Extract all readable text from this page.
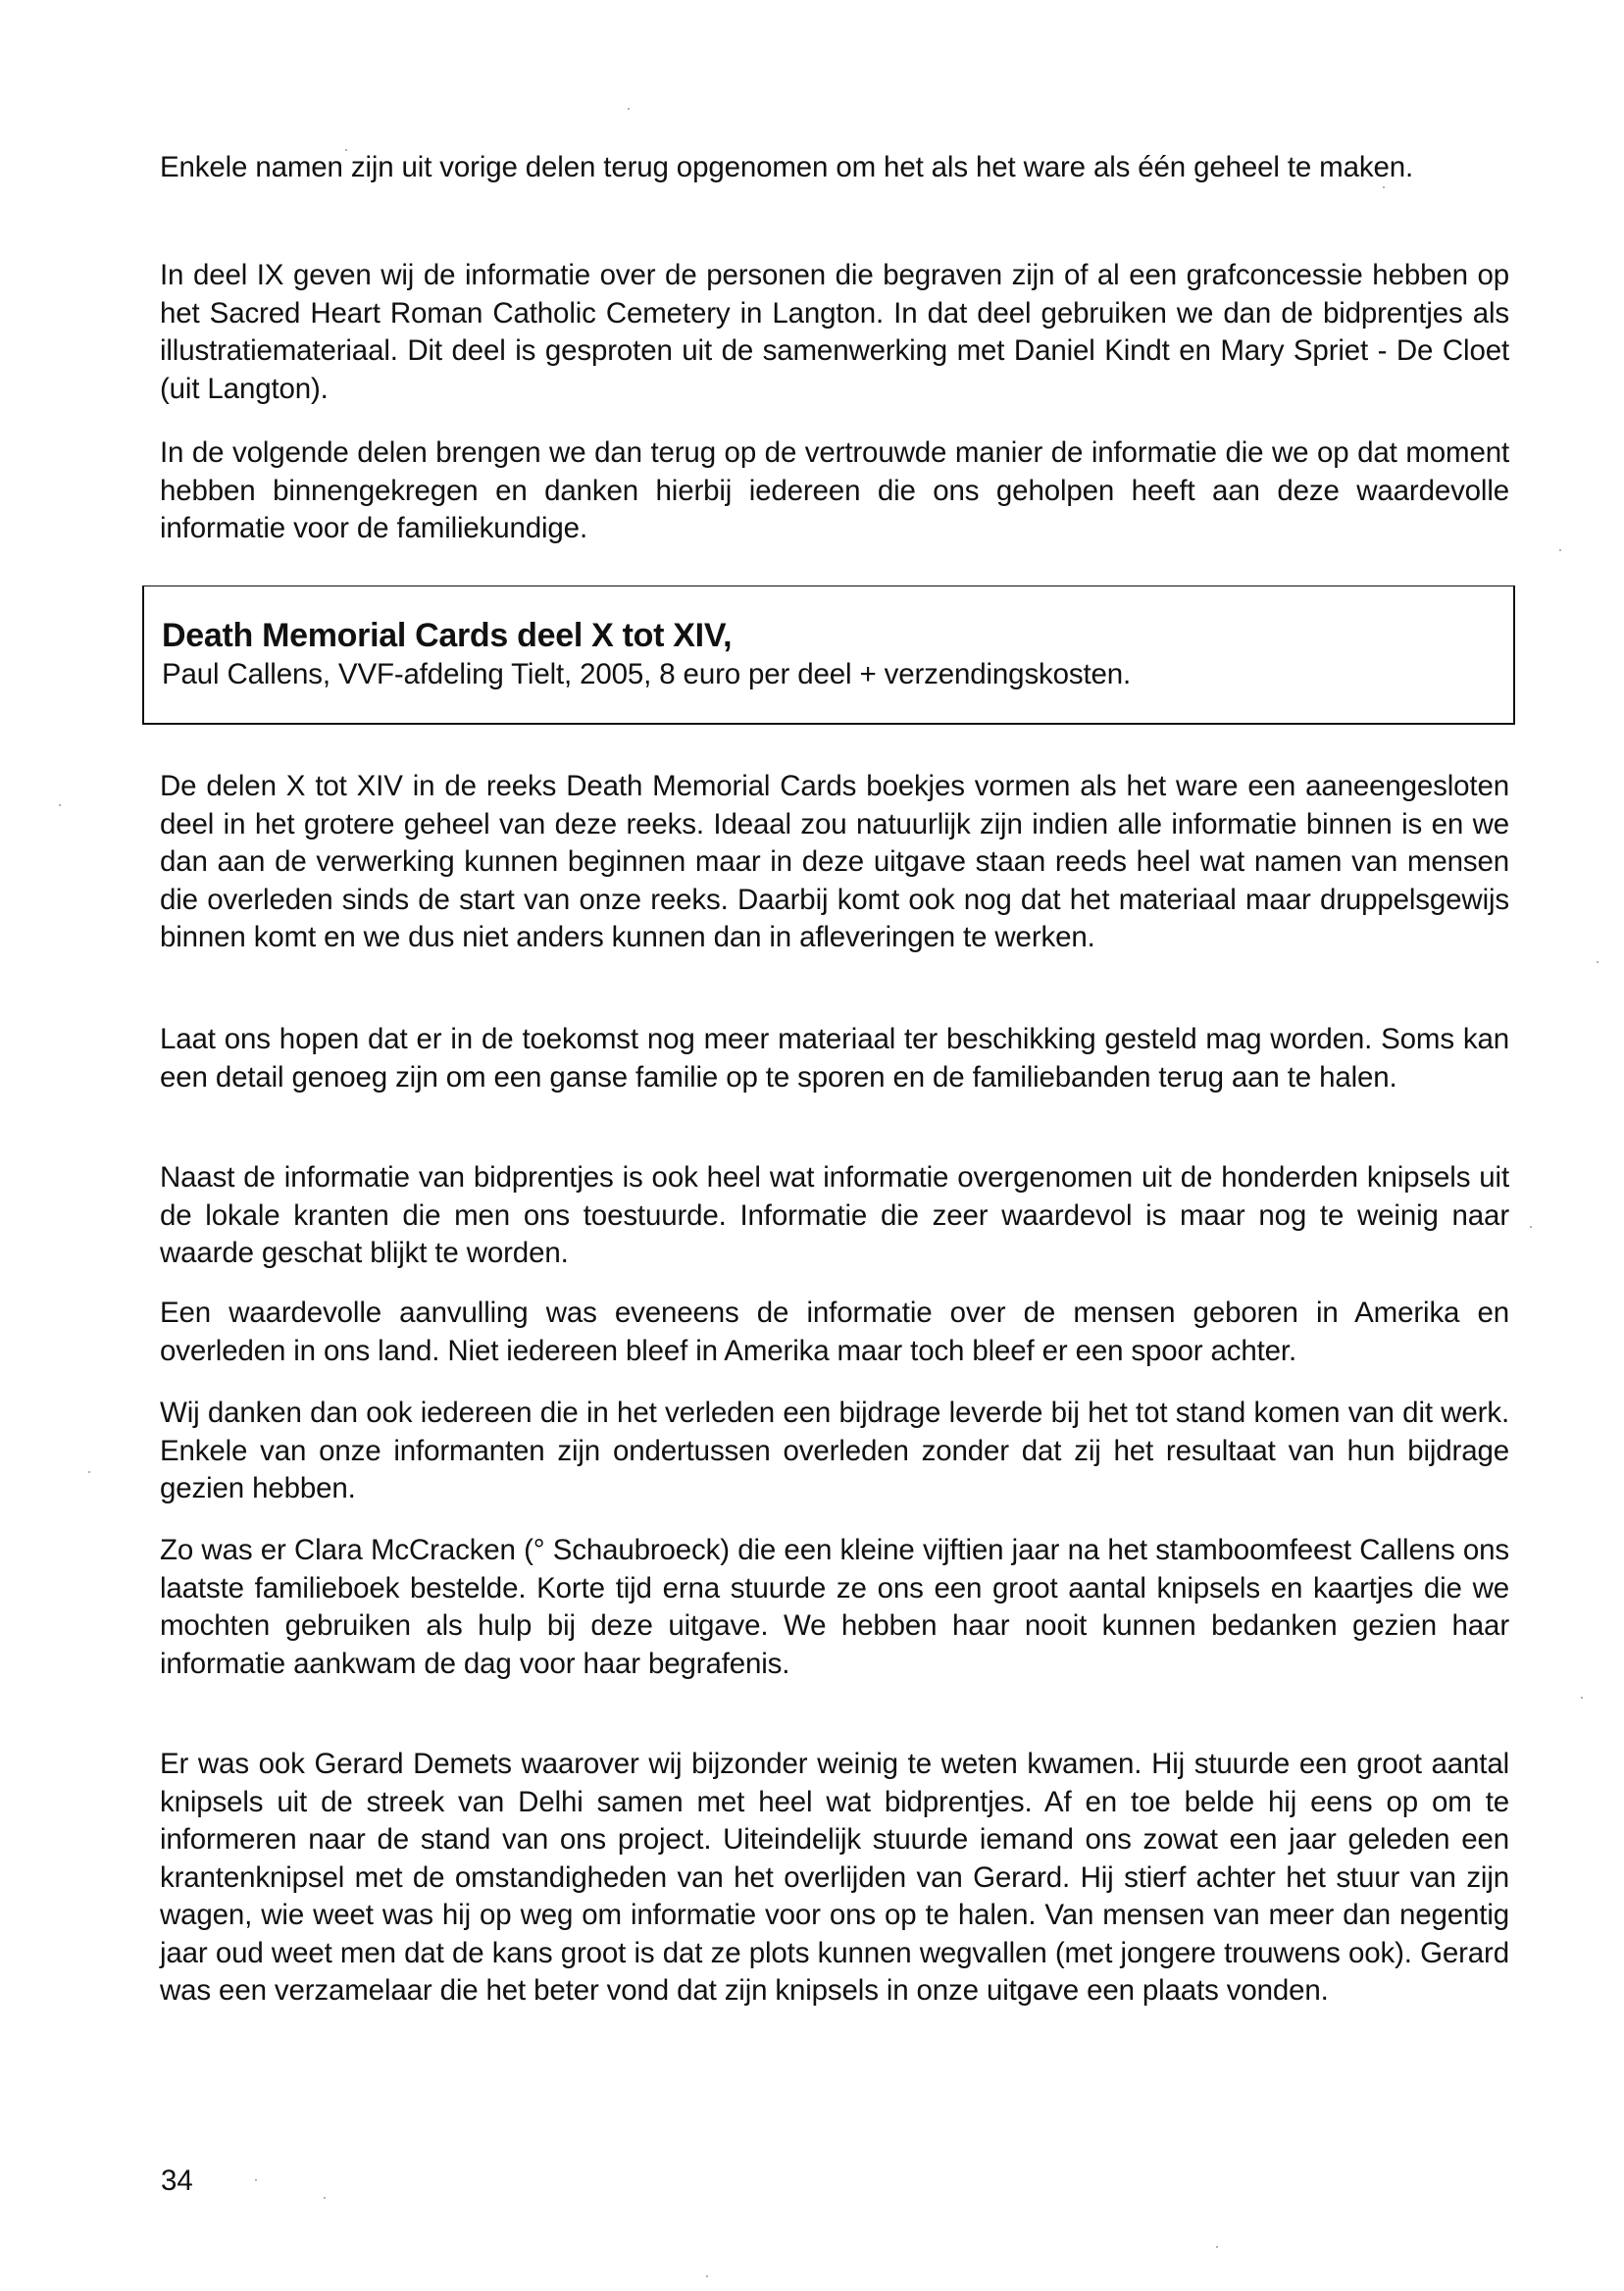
Enkele namen zijn uit vorige delen terug opgenomen om het als het ware als één geheel te maken.

In deel IX geven wij de informatie over de personen die begraven zijn of al een grafconcessie hebben op het Sacred Heart Roman Catholic Cemetery in Langton. In dat deel gebruiken we dan de bidprentjes als illustratiemateriaal. Dit deel is gesproten uit de samenwerking met Daniel Kindt en Mary Spriet - De Cloet (uit Langton).

In de volgende delen brengen we dan terug op de vertrouwde manier de informatie die we op dat moment hebben binnengekregen en danken hierbij iedereen die ons geholpen heeft aan deze waardevolle informatie voor de familiekundige.

Death Memorial Cards deel X tot XIV,
Paul Callens, VVF-afdeling Tielt, 2005, 8 euro per deel + verzendingskosten.

De delen X tot XIV in de reeks Death Memorial Cards boekjes vormen als het ware een aaneengesloten deel in het grotere geheel van deze reeks. Ideaal zou natuurlijk zijn indien alle informatie binnen is en we dan aan de verwerking kunnen beginnen maar in deze uitgave staan reeds heel wat namen van mensen die overleden sinds de start van onze reeks. Daarbij komt ook nog dat het materiaal maar druppelsgewijs binnen komt en we dus niet anders kunnen dan in afleveringen te werken.

Laat ons hopen dat er in de toekomst nog meer materiaal ter beschikking gesteld mag worden. Soms kan een detail genoeg zijn om een ganse familie op te sporen en de familiebanden terug aan te halen.

Naast de informatie van bidprentjes is ook heel wat informatie overgenomen uit de honderden knipsels uit de lokale kranten die men ons toestuurde. Informatie die zeer waardevol is maar nog te weinig naar waarde geschat blijkt te worden.

Een waardevolle aanvulling was eveneens de informatie over de mensen geboren in Amerika en overleden in ons land. Niet iedereen bleef in Amerika maar toch bleef er een spoor achter.

Wij danken dan ook iedereen die in het verleden een bijdrage leverde bij het tot stand komen van dit werk. Enkele van onze informanten zijn ondertussen overleden zonder dat zij het resultaat van hun bijdrage gezien hebben.

Zo was er Clara McCracken (° Schaubroeck) die een kleine vijftien jaar na het stamboomfeest Callens ons laatste familieboek bestelde. Korte tijd erna stuurde ze ons een groot aantal knipsels en kaartjes die we mochten gebruiken als hulp bij deze uitgave. We hebben haar nooit kunnen bedanken gezien haar informatie aankwam de dag voor haar begrafenis.

Er was ook Gerard Demets waarover wij bijzonder weinig te weten kwamen. Hij stuurde een groot aantal knipsels uit de streek van Delhi samen met heel wat bidprentjes. Af en toe belde hij eens op om te informeren naar de stand van ons project. Uiteindelijk stuurde iemand ons zowat een jaar geleden een krantenknipsel met de omstandigheden van het overlijden van Gerard. Hij stierf achter het stuur van zijn wagen, wie weet was hij op weg om informatie voor ons op te halen. Van mensen van meer dan negentig jaar oud weet men dat de kans groot is dat ze plots kunnen wegvallen (met jongere trouwens ook). Gerard was een verzamelaar die het beter vond dat zijn knipsels in onze uitgave een plaats vonden.

34
